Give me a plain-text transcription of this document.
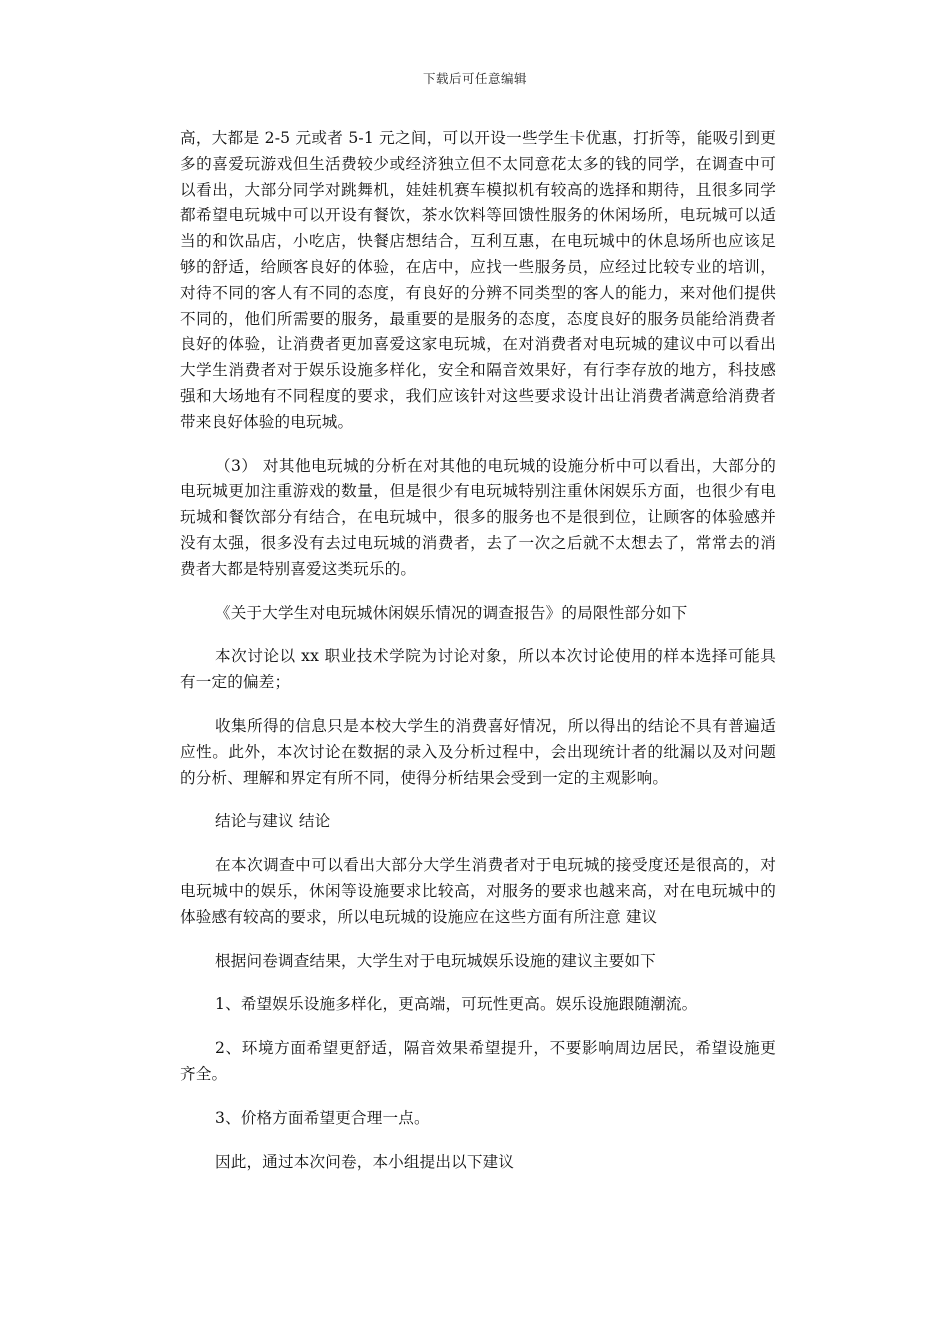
下载后可任意编辑

高，大都是 2-5 元或者 5-1 元之间，可以开设一些学生卡优惠，打折等，能吸引到更多的喜爱玩游戏但生活费较少或经济独立但不太同意花太多的钱的同学，在调查中可以看出，大部分同学对跳舞机，娃娃机赛车模拟机有较高的选择和期待，且很多同学都希望电玩城中可以开设有餐饮，茶水饮料等回馈性服务的休闲场所，电玩城可以适当的和饮品店，小吃店，快餐店想结合，互利互惠，在电玩城中的休息场所也应该足够的舒适，给顾客良好的体验，在店中，应找一些服务员，应经过比较专业的培训，对待不同的客人有不同的态度，有良好的分辨不同类型的客人的能力，来对他们提供不同的，他们所需要的服务，最重要的是服务的态度，态度良好的服务员能给消费者良好的体验，让消费者更加喜爱这家电玩城，在对消费者对电玩城的建议中可以看出大学生消费者对于娱乐设施多样化，安全和隔音效果好，有行李存放的地方，科技感强和大场地有不同程度的要求，我们应该针对这些要求设计出让消费者满意给消费者带来良好体验的电玩城。

（3） 对其他电玩城的分析在对其他的电玩城的设施分析中可以看出，大部分的电玩城更加注重游戏的数量，但是很少有电玩城特别注重休闲娱乐方面，也很少有电玩城和餐饮部分有结合，在电玩城中，很多的服务也不是很到位，让顾客的体验感并没有太强，很多没有去过电玩城的消费者，去了一次之后就不太想去了，常常去的消费者大都是特别喜爱这类玩乐的。

《关于大学生对电玩城休闲娱乐情况的调查报告》的局限性部分如下

本次讨论以 xx 职业技术学院为讨论对象，所以本次讨论使用的样本选择可能具有一定的偏差；

收集所得的信息只是本校大学生的消费喜好情况，所以得出的结论不具有普遍适应性。此外，本次讨论在数据的录入及分析过程中，会出现统计者的纰漏以及对问题的分析、理解和界定有所不同，使得分析结果会受到一定的主观影响。

结论与建议 结论

在本次调查中可以看出大部分大学生消费者对于电玩城的接受度还是很高的，对电玩城中的娱乐，休闲等设施要求比较高，对服务的要求也越来高，对在电玩城中的体验感有较高的要求，所以电玩城的设施应在这些方面有所注意 建议

根据问卷调查结果，大学生对于电玩城娱乐设施的建议主要如下

1、希望娱乐设施多样化，更高端，可玩性更高。娱乐设施跟随潮流。

2、环境方面希望更舒适，隔音效果希望提升，不要影响周边居民，希望设施更齐全。

3、价格方面希望更合理一点。

因此，通过本次问卷，本小组提出以下建议
